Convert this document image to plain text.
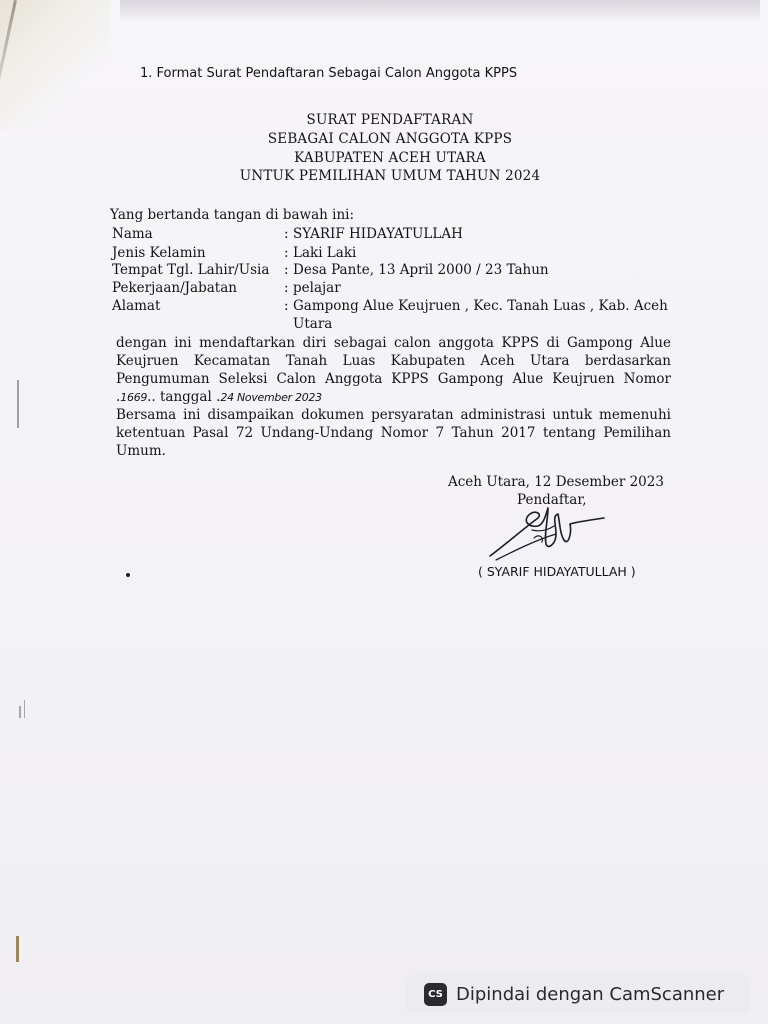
1. Format Surat Pendaftaran Sebagai Calon Anggota KPPS
SURAT PENDAFTARAN
SEBAGAI CALON ANGGOTA KPPS
KABUPATEN ACEH UTARA
UNTUK PEMILIHAN UMUM TAHUN 2024
Yang bertanda tangan di bawah ini:
Nama	: SYARIF HIDAYATULLAH
Jenis Kelamin	: Laki Laki
Tempat Tgl. Lahir/Usia : Desa Pante, 13 April 2000 / 23 Tahun
Pekerjaan/Jabatan	: pelajar
Alamat	: Gampong Alue Keujruen , Kec. Tanah Luas , Kab. Aceh
Utara
dengan ini mendaftarkan diri sebagai calon anggota KPPS di Gampong Alue
Keujruen Kecamatan Tanah Luas Kabupaten Aceh Utara berdasarkan
Pengumuman Seleksi Calon Anggota KPPS Gampong Alue Keujruen Nomor
.1669.. tanggal .24 November 2023
Bersama ini disampaikan dokumen persyaratan administrasi untuk memenuhi
ketentuan Pasal 72 Undang-Undang Nomor 7 Tahun 2017 tentang Pemilihan
Umum.
Aceh Utara, 12 Desember 2023
Pendaftar,
( SYARIF HIDAYATULLAH )
CS Dipindai dengan CamScanner
